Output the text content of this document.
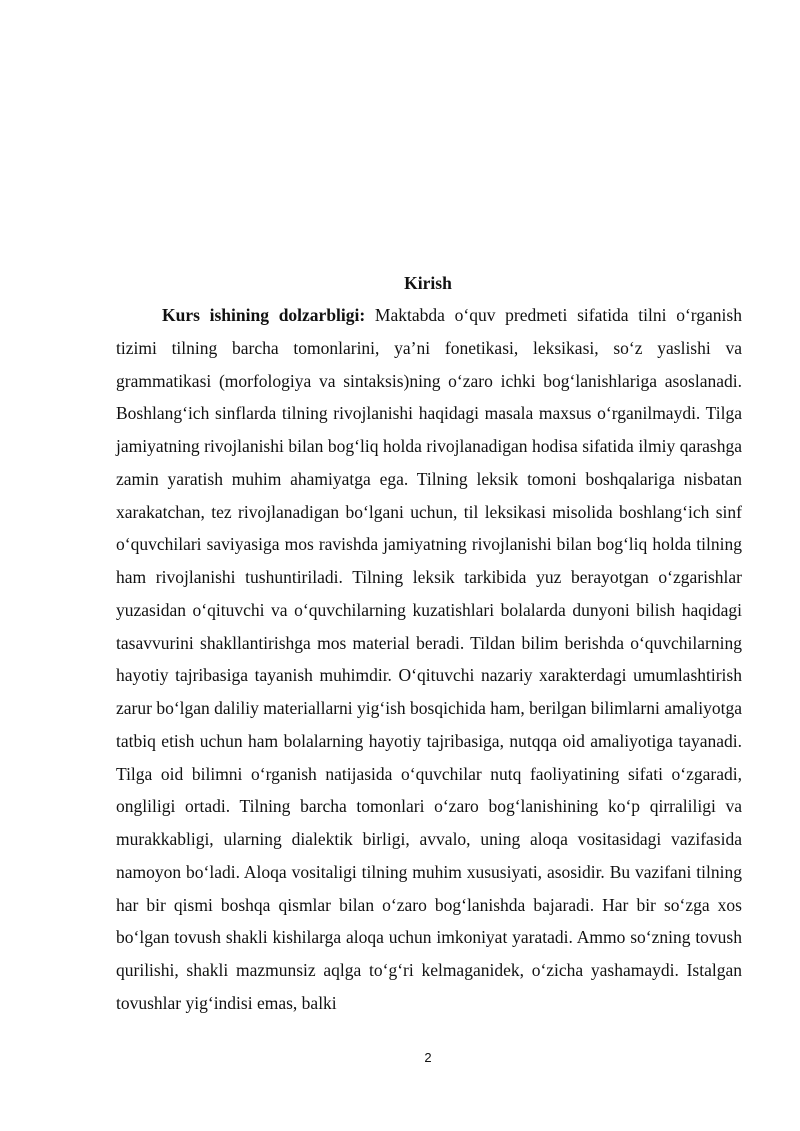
Kirish

Kurs ishining dolzarbligi: Maktabda o‘quv predmeti sifatida tilni o‘rganish tizimi tilning barcha tomonlarini, ya’ni fonetikasi, leksikasi, so‘z yaslishi va grammatikasi (morfologiya va sintaksis)ning o‘zaro ichki bog‘lanishlariga asoslanadi. Boshlang‘ich sinflarda tilning rivojlanishi haqidagi masala maxsus o‘rganilmaydi. Tilga jamiyatning rivojlanishi bilan bog‘liq holda rivojlanadigan hodisa sifatida ilmiy qarashga zamin yaratish muhim ahamiyatga ega. Tilning leksik tomoni boshqalariga nisbatan xarakatchan, tez rivojlanadigan bo‘lgani uchun, til leksikasi misolida boshlang‘ich sinf o‘quvchilari saviyasiga mos ravishda jamiyatning rivojlanishi bilan bog‘liq holda tilning ham rivojlanishi tushuntiriladi. Tilning leksik tarkibida yuz berayotgan o‘zgarishlar yuzasidan o‘qituvchi va o‘quvchilarning kuzatishlari bolalarda dunyoni bilish haqidagi tasavvurini shakllantirishga mos material beradi. Tildan bilim berishda o‘quvchilarning hayotiy tajribasiga tayanish muhimdir. O‘qituvchi nazariy xarakterdagi umumlashtirish zarur bo‘lgan daliliy materiallarni yig‘ish bosqichida ham, berilgan bilimlarni amaliyotga tatbiq etish uchun ham bolalarning hayotiy tajribasiga, nutqqa oid amaliyotiga tayanadi. Tilga oid bilimni o‘rganish natijasida o‘quvchilar nutq faoliyatining sifati o‘zgaradi, ongliligi ortadi. Tilning barcha tomonlari o‘zaro bog‘lanishining ko‘p qirraliligi va murakkabligi, ularning dialektik birligi, avvalo, uning aloqa vositasidagi vazifasida namoyon bo‘ladi. Aloqa vositaligi tilning muhim xususiyati, asosidir. Bu vazifani tilning har bir qismi boshqa qismlar bilan o‘zaro bog‘lanishda bajaradi. Har bir so‘zga xos bo‘lgan tovush shakli kishilarga aloqa uchun imkoniyat yaratadi. Ammo so‘zning tovush qurilishi, shakli mazmunsiz aqlga to‘g‘ri kelmaganidek, o‘zicha yashamaydi. Istalgan tovushlar yig‘indisi emas, balki

2
